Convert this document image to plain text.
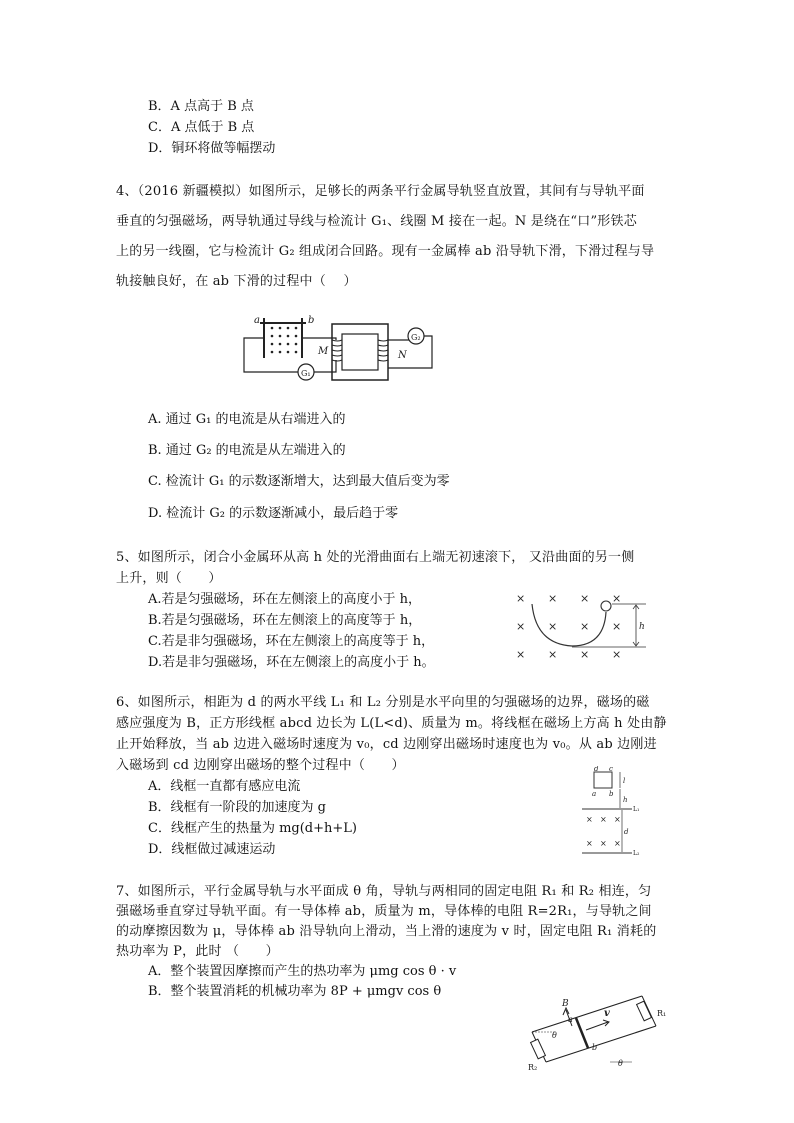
B．A 点高于 B 点
C．A 点低于 B 点
D．铜环将做等幅摆动
4、（2016 新疆模拟）如图所示，足够长的两条平行金属导轨竖直放置，其间有与导轨平面
垂直的匀强磁场，两导轨通过导线与检流计 G₁、线圈 M 接在一起。N 是绕在“口”形铁芯
上的另一线圈，它与检流计 G₂ 组成闭合回路。现有一金属棒 ab 沿导轨下滑，下滑过程与导
轨接触良好，在 ab 下滑的过程中（　 ）
a	b
G₁
M	N
G₂
A. 通过 G₁ 的电流是从右端进入的
B. 通过 G₂ 的电流是从左端进入的
C. 检流计 G₁ 的示数逐渐增大，达到最大值后变为零
D. 检流计 G₂ 的示数逐渐减小，最后趋于零
5、如图所示，闭合小金属环从高 h 处的光滑曲面右上端无初速滚下， 又沿曲面的另一侧
上升，则（　　）
A.若是匀强磁场，环在左侧滚上的高度小于 h，
B.若是匀强磁场，环在左侧滚上的高度等于 h，
C.若是非匀强磁场，环在左侧滚上的高度等于 h，
D.若是非匀强磁场，环在左侧滚上的高度小于 h。
× × × ×
× × × ×
× × × ×
h
6、如图所示，相距为 d 的两水平线 L₁ 和 L₂ 分别是水平向里的匀强磁场的边界，磁场的磁
感应强度为 B，正方形线框 abcd 边长为 L(L<d)、质量为 m。将线框在磁场上方高 h 处由静
止开始释放，当 ab 边进入磁场时速度为 v₀，cd 边刚穿出磁场时速度也为 v₀。从 ab 边刚进
入磁场到 cd 边刚穿出磁场的整个过程中（　　）
A．线框一直都有感应电流
B．线框有一阶段的加速度为 g
C．线框产生的热量为 mg(d+h+L)
D．线框做过减速运动
d c
a b
l
h
L₁
× × ×
× × ×
d
L₂
7、如图所示，平行金属导轨与水平面成 θ 角，导轨与两相同的固定电阻 R₁ 和 R₂ 相连，匀
强磁场垂直穿过导轨平面。有一导体棒 ab，质量为 m，导体棒的电阻 R=2R₁，与导轨之间
的动摩擦因数为 μ，导体棒 ab 沿导轨向上滑动，当上滑的速度为 v 时，固定电阻 R₁ 消耗的
热功率为 P，此时 （　　）
A．整个装置因摩擦而产生的热功率为 μmg cos θ · v
B．整个装置消耗的机械功率为 8P + μmgv cos θ
B
R₁
R₂
a
b
v
θ
θ
